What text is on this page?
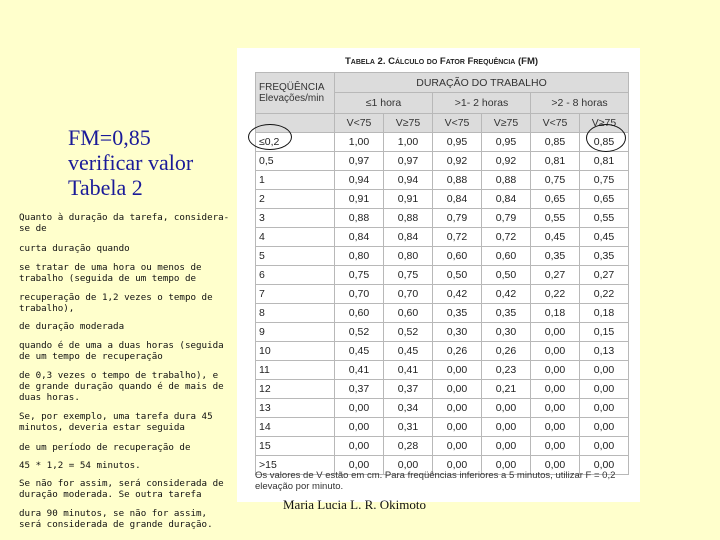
FM=0,85
verificar valor
Tabela 2

Quanto à duração da tarefa, considera-se de

curta duração quando

se tratar de uma hora ou menos de trabalho (seguida de um tempo de

recuperação de 1,2 vezes o tempo de trabalho),

de duração moderada

quando é de uma a duas horas (seguida de um tempo de recuperação

de 0,3 vezes o tempo de trabalho), e de grande duração quando é de mais de duas horas.

Se, por exemplo, uma tarefa dura 45 minutos, deveria estar seguida

de um período de recuperação de

45 * 1,2 = 54 minutos.

Se não for assim, será considerada de duração moderada. Se outra tarefa

dura 90 minutos, se não for assim, será considerada de grande duração.

Tabela 2. Cálculo do Fator Frequência (FM)
FREQÜÊNCIA
Elevações/min	DURAÇÃO DO TRABALHO					
	≤1 hora		>1- 2 horas		>2 - 8 horas	
	V<75	V≥75	V<75	V≥75	V<75	V≥75
≤0,2	1,00	1,00	0,95	0,95	0,85	0,85
0,5	0,97	0,97	0,92	0,92	0,81	0,81
1	0,94	0,94	0,88	0,88	0,75	0,75
2	0,91	0,91	0,84	0,84	0,65	0,65
3	0,88	0,88	0,79	0,79	0,55	0,55
4	0,84	0,84	0,72	0,72	0,45	0,45
5	0,80	0,80	0,60	0,60	0,35	0,35
6	0,75	0,75	0,50	0,50	0,27	0,27
7	0,70	0,70	0,42	0,42	0,22	0,22
8	0,60	0,60	0,35	0,35	0,18	0,18
9	0,52	0,52	0,30	0,30	0,00	0,15
10	0,45	0,45	0,26	0,26	0,00	0,13
11	0,41	0,41	0,00	0,23	0,00	0,00
12	0,37	0,37	0,00	0,21	0,00	0,00
13	0,00	0,34	0,00	0,00	0,00	0,00
14	0,00	0,31	0,00	0,00	0,00	0,00
15	0,00	0,28	0,00	0,00	0,00	0,00
>15	0,00	0,00	0,00	0,00	0,00	0,00
Os valores de V estão em cm. Para freqüências inferiores a 5 minutos, utilizar F = 0,2 elevação por minuto.
Maria Lucia L. R. Okimoto
